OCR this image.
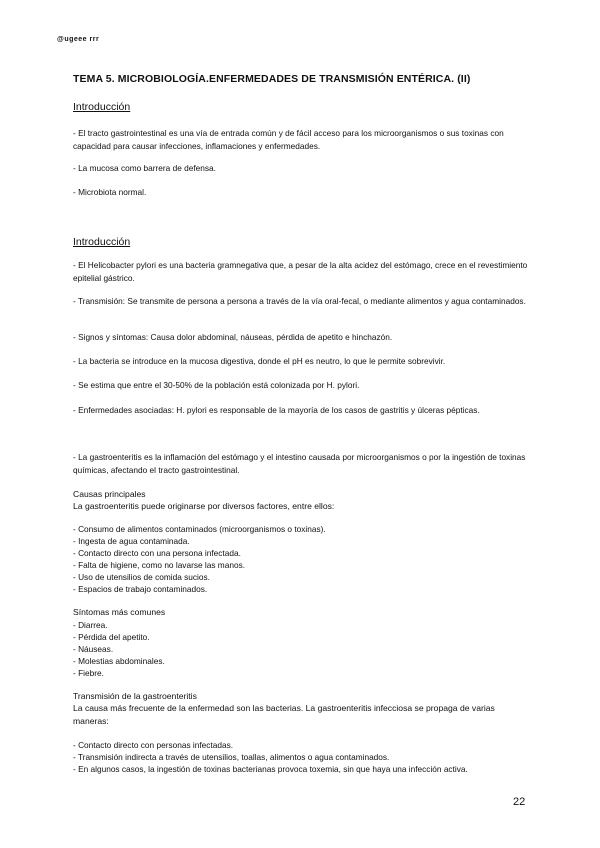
@ugeee rrr
TEMA 5. MICROBIOLOGÍA.ENFERMEDADES DE TRANSMISIÓN ENTÉRICA. (II)
Introducción
- El tracto gastrointestinal es una vía de entrada común y de fácil acceso para los microorganismos o sus toxinas con capacidad para causar infecciones, inflamaciones y enfermedades.
- La mucosa como barrera de defensa.
- Microbiota normal.
Introducción
- El Helicobacter pylori es una bacteria gramnegativa que, a pesar de la alta acidez del estómago, crece en el revestimiento epitelial gástrico.
- Transmisión: Se transmite de persona a persona a través de la vía oral-fecal, o mediante alimentos y agua contaminados.
- Signos y síntomas: Causa dolor abdominal, náuseas, pérdida de apetito e hinchazón.
- La bacteria se introduce en la mucosa digestiva, donde el pH es neutro, lo que le permite sobrevivir.
- Se estima que entre el 30-50% de la población está colonizada por H. pylori.
- Enfermedades asociadas: H. pylori es responsable de la mayoría de los casos de gastritis y úlceras pépticas.
- La gastroenteritis es la inflamación del estómago y el intestino causada por microorganismos o por la ingestión de toxinas químicas, afectando el tracto gastrointestinal.
Causas principales
La gastroenteritis puede originarse por diversos factores, entre ellos:
- Consumo de alimentos contaminados (microorganismos o toxinas).
- Ingesta de agua contaminada.
- Contacto directo con una persona infectada.
- Falta de higiene, como no lavarse las manos.
- Uso de utensilios de comida sucios.
- Espacios de trabajo contaminados.
Síntomas más comunes
- Diarrea.
- Pérdida del apetito.
- Náuseas.
- Molestias abdominales.
- Fiebre.
Transmisión de la gastroenteritis
La causa más frecuente de la enfermedad son las bacterias. La gastroenteritis infecciosa se propaga de varias maneras:
- Contacto directo con personas infectadas.
- Transmisión indirecta a través de utensilios, toallas, alimentos o agua contaminados.
- En algunos casos, la ingestión de toxinas bacterianas provoca toxemia, sin que haya una infección activa.
22
